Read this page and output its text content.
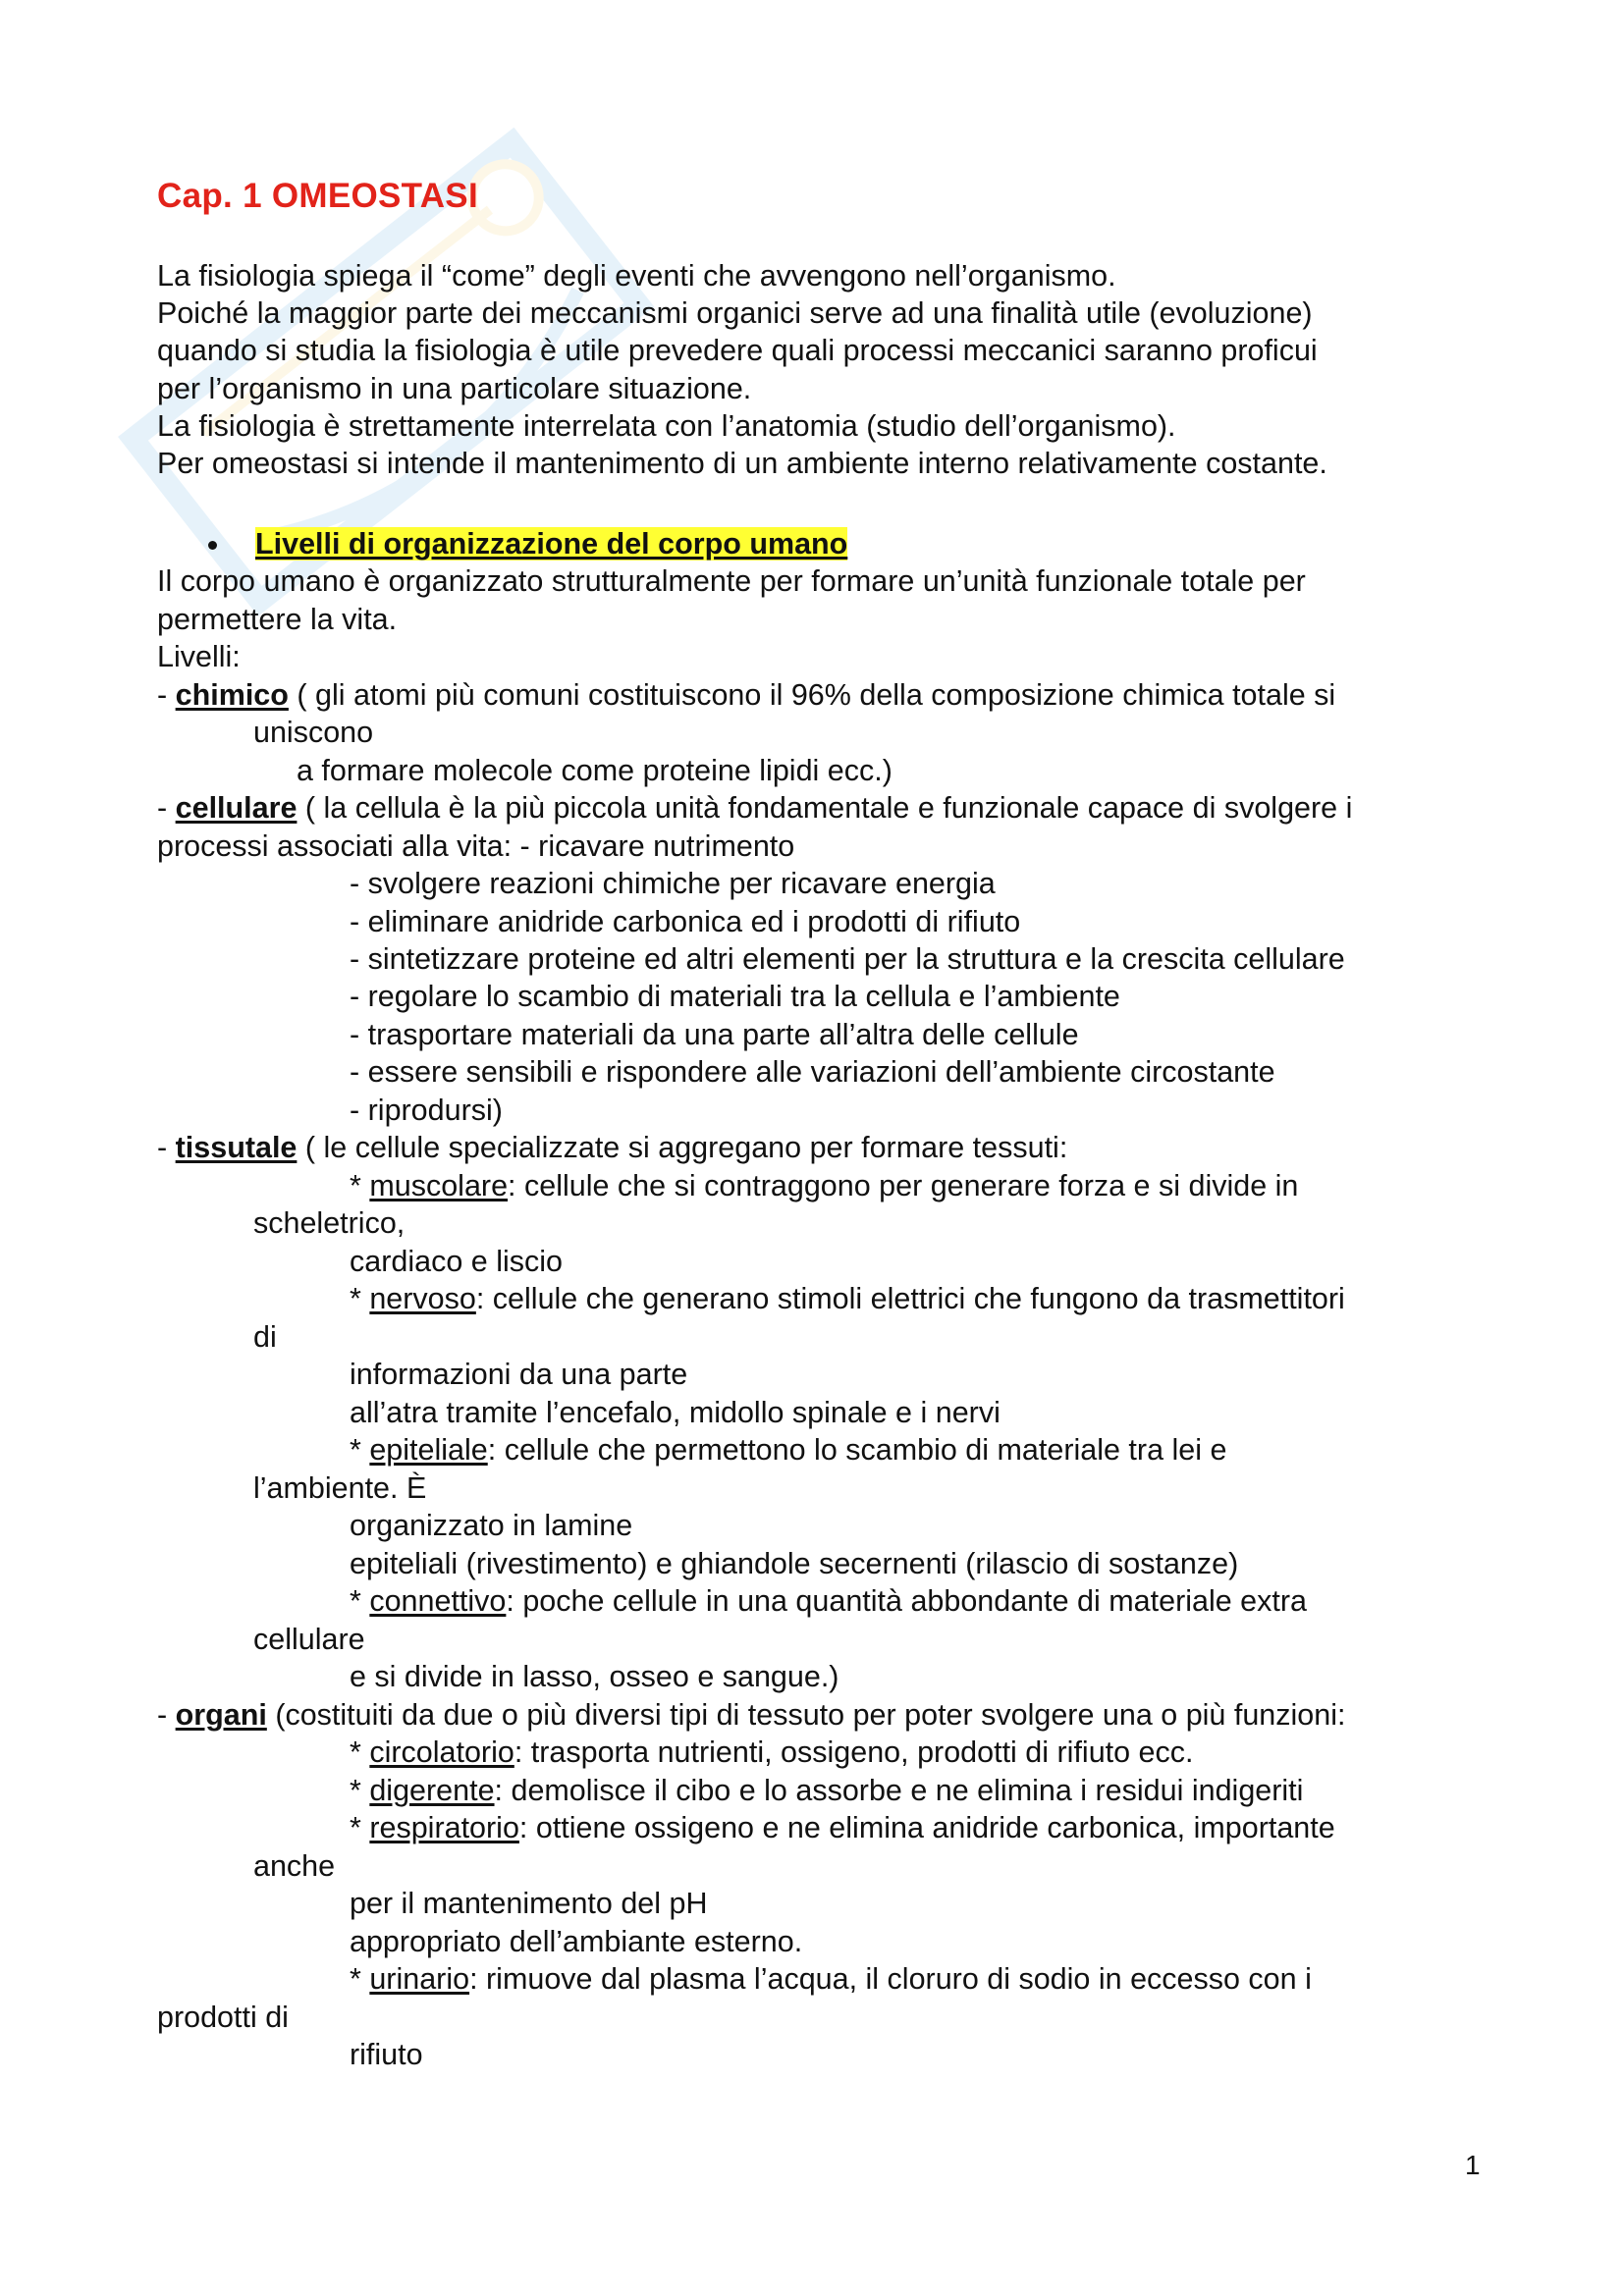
Cap. 1 OMEOSTASI
La fisiologia spiega il “come” degli eventi che avvengono nell’organismo.
Poiché la maggior parte dei meccanismi organici serve ad una finalità utile (evoluzione)
quando si studia la fisiologia è utile prevedere quali processi meccanici saranno proficui
per l’organismo in una particolare situazione.
La fisiologia è strettamente interrelata con l’anatomia (studio dell’organismo).
Per omeostasi si intende il mantenimento di un ambiente interno relativamente costante.
Livelli di organizzazione del corpo umano
Il corpo umano è organizzato strutturalmente per formare un’unità funzionale totale per
permettere la vita.
Livelli:
- chimico ( gli atomi più comuni costituiscono il 96% della composizione chimica totale si
uniscono
a formare molecole come proteine lipidi ecc.)
- cellulare ( la cellula è la più piccola unità fondamentale e funzionale capace di svolgere i
processi associati alla vita: - ricavare nutrimento
- svolgere reazioni chimiche per ricavare energia
- eliminare anidride carbonica ed i prodotti di rifiuto
- sintetizzare proteine ed altri elementi per la struttura e la crescita cellulare
- regolare lo scambio di materiali tra la cellula e l’ambiente
- trasportare materiali da una parte all’altra delle cellule
- essere sensibili e rispondere alle variazioni dell’ambiente circostante
- riprodursi)
- tissutale ( le cellule specializzate si aggregano per formare tessuti:
* muscolare: cellule che si contraggono per generare forza e si divide in
scheletrico,
cardiaco e liscio
* nervoso: cellule che generano stimoli elettrici che fungono da trasmettitori
di
informazioni da una parte
all’atra tramite l’encefalo, midollo spinale e i nervi
* epiteliale: cellule che permettono lo scambio di materiale tra lei e
l’ambiente. È
organizzato in lamine
epiteliali (rivestimento) e ghiandole secernenti (rilascio di sostanze)
* connettivo: poche cellule in una quantità abbondante di materiale extra
cellulare
e si divide in lasso, osseo e sangue.)
- organi (costituiti da due o più diversi tipi di tessuto per poter svolgere una o più funzioni:
* circolatorio: trasporta nutrienti, ossigeno, prodotti di rifiuto ecc.
* digerente: demolisce il cibo e lo assorbe e ne elimina i residui indigeriti
* respiratorio: ottiene ossigeno e ne elimina anidride carbonica, importante
anche
per il mantenimento del pH
appropriato dell’ambiante esterno.
* urinario: rimuove dal plasma l’acqua, il cloruro di sodio in eccesso con i
prodotti di
rifiuto
1
